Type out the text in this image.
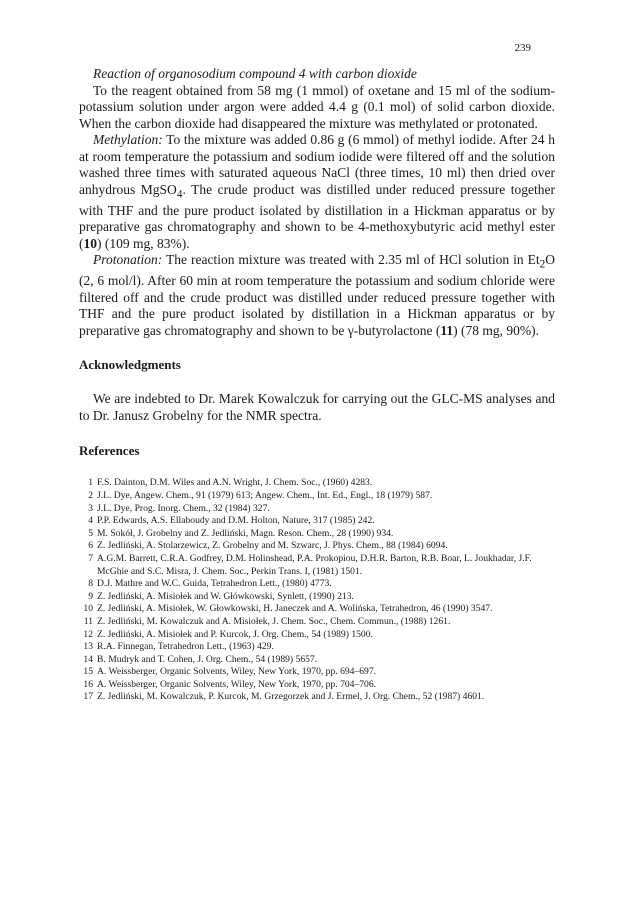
239

Reaction of organosodium compound 4 with carbon dioxide

To the reagent obtained from 58 mg (1 mmol) of oxetane and 15 ml of the sodium-potassium solution under argon were added 4.4 g (0.1 mol) of solid carbon dioxide. When the carbon dioxide had disappeared the mixture was methylated or protonated.

Methylation: To the mixture was added 0.86 g (6 mmol) of methyl iodide. After 24 h at room temperature the potassium and sodium iodide were filtered off and the solution washed three times with saturated aqueous NaCl (three times, 10 ml) then dried over anhydrous MgSO$_4$. The crude product was distilled under reduced pressure together with THF and the pure product isolated by distillation in a Hickman apparatus or by preparative gas chromatography and shown to be 4-methoxybutyric acid methyl ester (10) (109 mg, 83%).

Protonation: The reaction mixture was treated with 2.35 ml of HCl solution in $Et_2O$ (2, 6 mol/l). After 60 min at room temperature the potassium and sodium chloride were filtered off and the crude product was distilled under reduced pressure together with THF and the pure product isolated by distillation in a Hickman apparatus or by preparative gas chromatography and shown to be γ-butyrolactone (11) (78 mg, 90%).

Acknowledgments

We are indebted to Dr. Marek Kowalczuk for carrying out the GLC-MS analyses and to Dr. Janusz Grobelny for the NMR spectra.

References
1 F.S. Dainton, D.M. Wiles and A.N. Wright, J. Chem. Soc., (1960) 4283.
2 J.L. Dye, Angew. Chem., 91 (1979) 613; Angew. Chem., Int. Ed., Engl., 18 (1979) 587.
3 J.L. Dye, Prog. Inorg. Chem., 32 (1984) 327.
4 P.P. Edwards, A.S. Ellaboudy and D.M. Holton, Nature, 317 (1985) 242.
5 M. Sokół, J. Grobelny and Z. Jedliński, Magn. Reson. Chem., 28 (1990) 934.
6 Z. Jedliński, A. Stolarzewicz, Z. Grobelny and M. Szwarc, J. Phys. Chem., 88 (1984) 6094.
7 A.G.M. Barrett, C.R.A. Godfrey, D.M. Holinshead, P.A. Prokopiou, D.H.R. Barton, R.B. Boar, L. Joukhadar, J.F. McGhie and S.C. Misra, J. Chem. Soc., Perkin Trans. I, (1981) 1501.
8 D.J. Mathre and W.C. Guida, Tetrahedron Lett., (1980) 4773.
9 Z. Jedliński, A. Misiołek and W. Główkowski, Synlett, (1990) 213.
10 Z. Jedliński, A. Misiołek, W. Głowkowski, H. Janeczek and A. Wolińska, Tetrahedron, 46 (1990) 3547.
11 Z. Jedliński, M. Kowalczuk and A. Misiołek, J. Chem. Soc., Chem. Commun., (1988) 1261.
12 Z. Jedliński, A. Misiołek and P. Kurcok, J. Org. Chem., 54 (1989) 1500.
13 R.A. Finnegan, Tetrahedron Lett., (1963) 429.
14 B. Mudryk and T. Cohen, J. Org. Chem., 54 (1989) 5657.
15 A. Weissberger, Organic Solvents, Wiley, New York, 1970, pp. 694–697.
16 A. Weissberger, Organic Solvents, Wiley, New York, 1970, pp. 704–706.
17 Z. Jedliński, M. Kowalczuk, P. Kurcok, M. Grzegorzek and J. Ermel, J. Org. Chem., 52 (1987) 4601.
